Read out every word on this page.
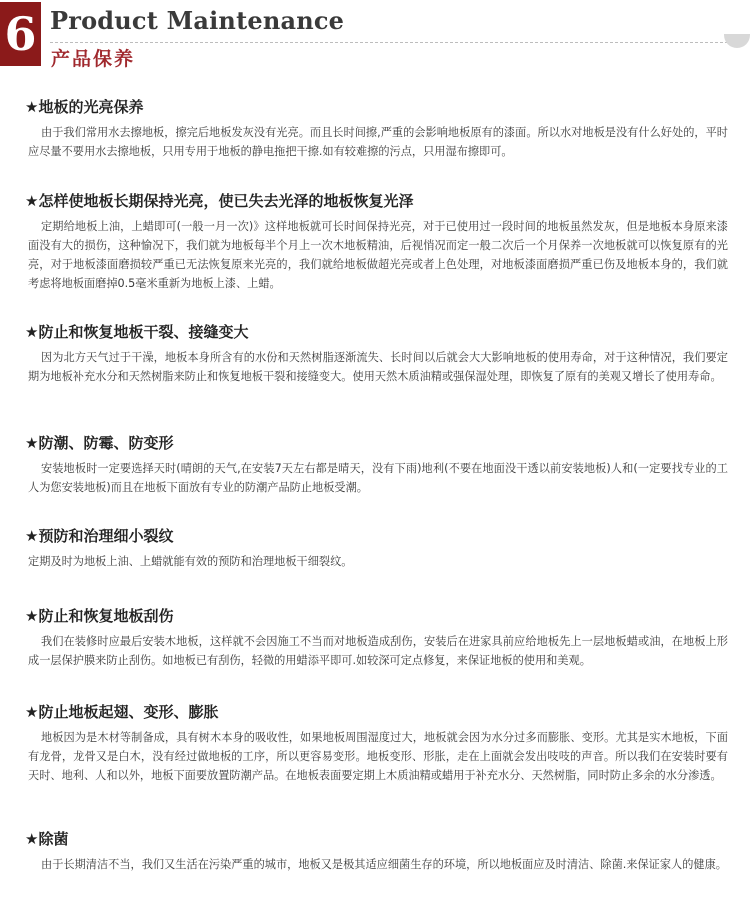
6 Product Maintenance
产品保养
★地板的光亮保养

由于我们常用水去擦地板，擦完后地板发灰没有光亮。而且长时间擦,严重的会影响地板原有的漆面。所以水对地板是没有什么好处的，平时应尽量不要用水去擦地板，只用专用于地板的静电拖把干擦.如有较难擦的污点，只用湿布擦即可。

★怎样使地板长期保持光亮，使已失去光泽的地板恢复光泽

定期给地板上油，上蜡即可(一般一月一次)》这样地板就可长时间保持光亮，对于已使用过一段时间的地板虽然发灰，但是地板本身原来漆面没有大的损伤，这种愉况下，我们就为地板每半个月上一次木地板精油，后视悄况而定一般二次后一个月保养一次地板就可以恢复原有的光亮，对于地板漆面磨损较严重已无法恢复原来光亮的，我们就给地板做超光亮或者上色处理，对地板漆面磨损严重已伤及地板本身的，我们就考虑将地板面磨掉0.5毫米重新为地板上漆、上蜡。

★防止和恢复地板干裂、接缝变大

因为北方天气过于干澡，地板本身所含有的水份和天然树脂逐渐流失、长时间以后就会大大影响地板的使用寿命，对于这种情况，我们要定期为地板补充水分和天然树脂来防止和恢复地板干裂和接缝变大。使用天然木质油精或强保湿处理，即恢复了原有的美观又增长了使用寿命。

★防潮、防霉、防变形

安装地板时一定要选择天时(晴朗的天气,在安装7天左右都是晴天，没有下雨)地利(不要在地面没干透以前安装地板)人和(一定要找专业的工人为您安装地板)而且在地板下面放有专业的防潮产品防止地板受潮。

★预防和治理细小裂纹

定期及时为地板上油、上蜡就能有效的预防和治理地板干细裂纹。

★防止和恢复地板刮伤

我们在装修时应最后安装木地板，这样就不会因施工不当而对地板造成刮伤，安装后在进家具前应给地板先上一层地板蜡或油，在地板上形成一层保护膜来防止刮伤。如地板已有刮伤，轻微的用蜡添平即可.如较深可定点修复，来保证地板的使用和美观。

★防止地板起翅、变形、膨胀

地板因为是木材等制备成，具有树木本身的吸收性，如果地板周围湿度过大，地板就会因为水分过多而膨胀、变形。尤其是实木地板，下面有龙骨，龙骨又是白木，没有经过做地板的工序，所以更容易变形。地板变形、形胀，走在上面就会发出吱吱的声音。所以我们在安装时要有天时、地利、人和以外，地板下面要放置防潮产品。在地板表面要定期上木质油精或蜡用于补充水分、天然树脂，同时防止多余的水分渗透。

★除菌

由于长期清洁不当，我们又生活在污染严重的城市，地板又是极其适应细菌生存的环境，所以地板面应及时清洁、除菌.来保证家人的健康。
